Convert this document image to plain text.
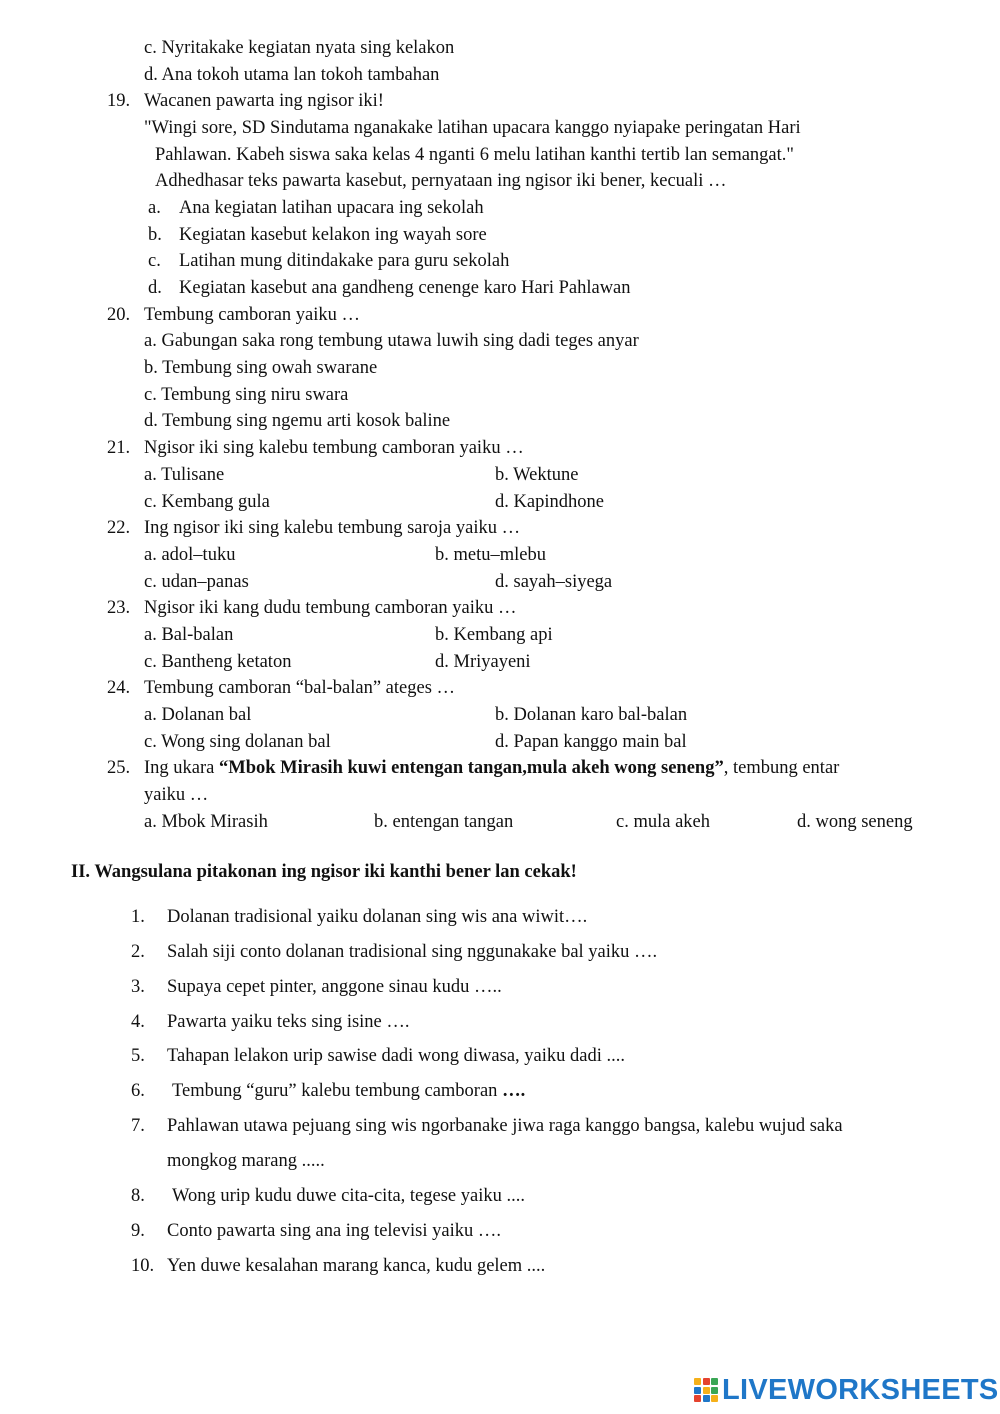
c. Nyritakake kegiatan nyata sing kelakon
d. Ana tokoh utama lan tokoh tambahan
19. Wacanen pawarta ing ngisor iki!
"Wingi sore, SD Sindutama nganakake latihan upacara kanggo nyiapake peringatan Hari
Pahlawan. Kabeh siswa saka kelas 4 nganti 6 melu latihan kanthi tertib lan semangat."
Adhedhasar teks pawarta kasebut, pernyataan ing ngisor iki bener, kecuali …
a. Ana kegiatan latihan upacara ing sekolah
b. Kegiatan kasebut kelakon ing wayah sore
c. Latihan mung ditindakake para guru sekolah
d. Kegiatan kasebut ana gandheng cenenge karo Hari Pahlawan
20. Tembung camboran yaiku …
a. Gabungan saka rong tembung utawa luwih sing dadi teges anyar
b. Tembung sing owah swarane
c. Tembung sing niru swara
d. Tembung sing ngemu arti kosok baline
21. Ngisor iki sing kalebu tembung camboran yaiku …
a. Tulisane	b. Wektune
c. Kembang gula	d. Kapindhone
22. Ing ngisor iki sing kalebu tembung saroja yaiku …
a. adol–tuku	b. metu–mlebu
c. udan–panas	d. sayah–siyega
23. Ngisor iki kang dudu tembung camboran yaiku …
a. Bal-balan	b. Kembang api
c. Bantheng ketaton	d. Mriyayeni
24. Tembung camboran “bal-balan” ateges …
a. Dolanan bal	b. Dolanan karo bal-balan
c. Wong sing dolanan bal	d. Papan kanggo main bal
25. Ing ukara “Mbok Mirasih kuwi entengan tangan,mula akeh wong seneng”, tembung entar
yaiku …
a. Mbok Mirasih	b. entengan tangan	c. mula akeh	d. wong seneng
II. Wangsulana pitakonan ing ngisor iki kanthi bener lan cekak!
1. Dolanan tradisional yaiku dolanan sing wis ana wiwit….
2. Salah siji conto dolanan tradisional sing nggunakake bal yaiku ….
3. Supaya cepet pinter, anggone sinau kudu …..
4. Pawarta yaiku teks sing isine ….
5. Tahapan lelakon urip sawise dadi wong diwasa, yaiku dadi ....
6. Tembung “guru” kalebu tembung camboran ….
7. Pahlawan utawa pejuang sing wis ngorbanake jiwa raga kanggo bangsa, kalebu wujud saka
mongkog marang .....
8. Wong urip kudu duwe cita-cita, tegese yaiku ....
9. Conto pawarta sing ana ing televisi yaiku ….
10. Yen duwe kesalahan marang kanca, kudu gelem ....
LIVEWORKSHEETS
